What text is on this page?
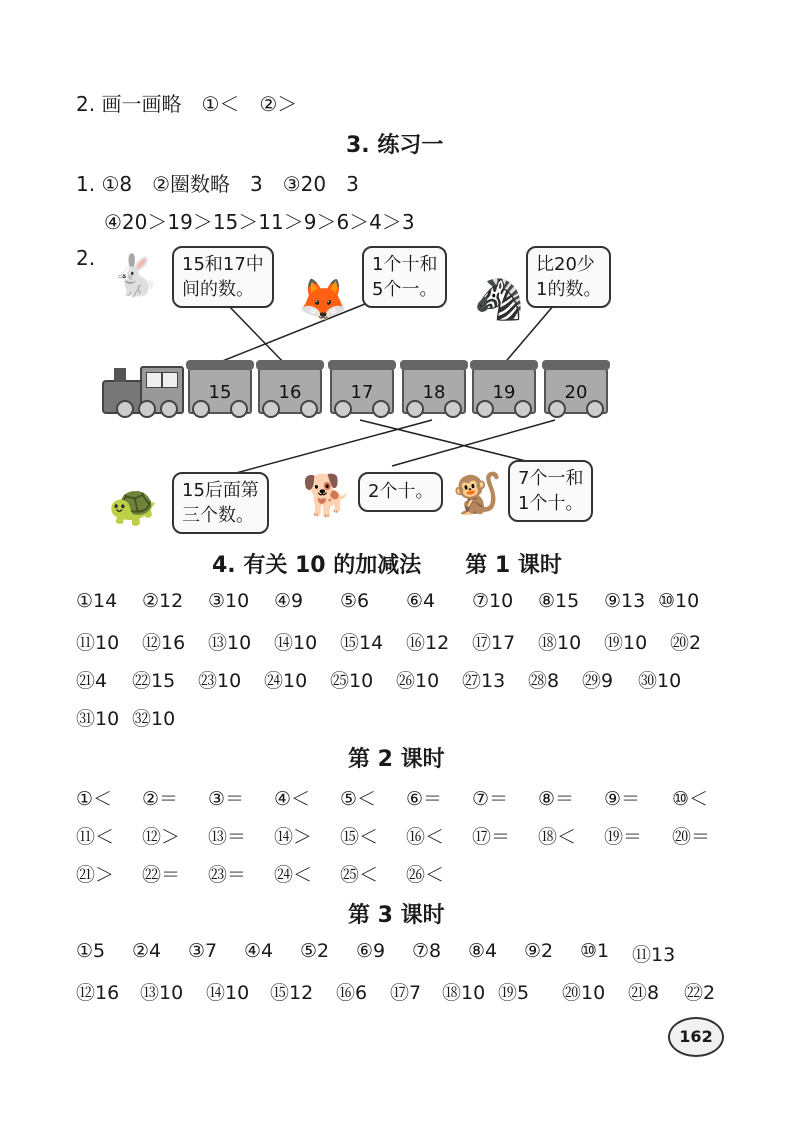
2. 画一画略　①＜　②＞
3. 练习一
1. ①8　②圈数略　3　③20　3
④20＞19＞15＞11＞9＞6＞4＞3
2. 🐇
🦊	🦓
🐢	🐕	🐒
15和17中
间的数。
1个十和
5个一。
比20少
1的数。
15后面第
三个数。
2个十。
7个一和
1个十。
15	16	17	18	19	20
4. 有关 10 的加减法　　第 1 课时
①14 ②12 ③10 ④9 ⑤6 ⑥4 ⑦10 ⑧15 ⑨13 ⑩10
⑪10 ⑫16 ⑬10 ⑭10 ⑮14 ⑯12 ⑰17 ⑱10 ⑲10 ⑳2
㉑4 ㉒15 ㉓10 ㉔10 ㉕10 ㉖10 ㉗13 ㉘8 ㉙9 ㉚10
㉛10 ㉜10
第 2 课时
①＜ ②＝ ③＝ ④＜ ⑤＜ ⑥＝ ⑦＝ ⑧＝ ⑨＝ ⑩＜
⑪＜ ⑫＞ ⑬＝ ⑭＞ ⑮＜ ⑯＜ ⑰＝ ⑱＜ ⑲＝ ⑳＝
㉑＞ ㉒＝ ㉓＝ ㉔＜ ㉕＜ ㉖＜
第 3 课时
①5 ②4 ③7 ④4 ⑤2 ⑥9 ⑦8 ⑧4 ⑨2 ⑩1 ⑪13
⑫16 ⑬10 ⑭10 ⑮12 ⑯6 ⑰7 ⑱10 ⑲5 ⑳10 ㉑8 ㉒2
162
